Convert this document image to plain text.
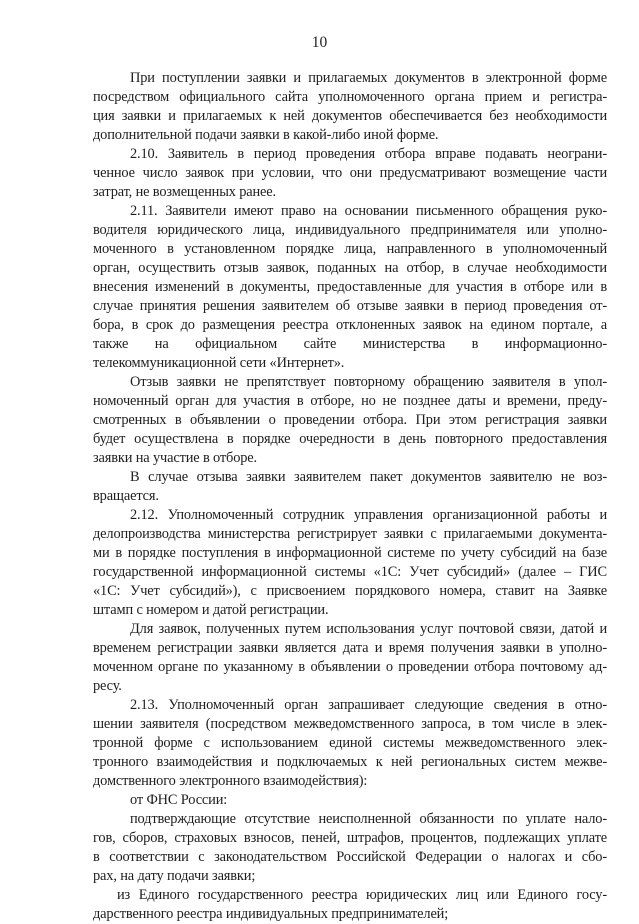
10
При поступлении заявки и прилагаемых документов в электронной форме
посредством официального сайта уполномоченного органа прием и регистра-
ция заявки и прилагаемых к ней документов обеспечивается без необходимости
дополнительной подачи заявки в какой-либо иной форме.
2.10. Заявитель в период проведения отбора вправе подавать неограни-
ченное число заявок при условии, что они предусматривают возмещение части
затрат, не возмещенных ранее.
2.11. Заявители имеют право на основании письменного обращения руко-
водителя юридического лица, индивидуального предпринимателя или уполно-
моченного в установленном порядке лица, направленного в уполномоченный
орган, осуществить отзыв заявок, поданных на отбор, в случае необходимости
внесения изменений в документы, предоставленные для участия в отборе или в
случае принятия решения заявителем об отзыве заявки в период проведения от-
бора, в срок до размещения реестра отклоненных заявок на едином портале, а
также на официальном сайте министерства в информационно-
телекоммуникационной сети «Интернет».
Отзыв заявки не препятствует повторному обращению заявителя в упол-
номоченный орган для участия в отборе, но не позднее даты и времени, преду-
смотренных в объявлении о проведении отбора. При этом регистрация заявки
будет осуществлена в порядке очередности в день повторного предоставления
заявки на участие в отборе.
В случае отзыва заявки заявителем пакет документов заявителю не воз-
вращается.
2.12. Уполномоченный сотрудник управления организационной работы и
делопроизводства министерства регистрирует заявки с прилагаемыми документа-
ми в порядке поступления в информационной системе по учету субсидий на базе
государственной информационной системы «1С: Учет субсидий» (далее – ГИС
«1С: Учет субсидий»), с присвоением порядкового номера, ставит на Заявке
штамп с номером и датой регистрации.
Для заявок, полученных путем использования услуг почтовой связи, датой и
временем регистрации заявки является дата и время получения заявки в уполно-
моченном органе по указанному в объявлении о проведении отбора почтовому ад-
ресу.
2.13. Уполномоченный орган запрашивает следующие сведения в отно-
шении заявителя (посредством межведомственного запроса, в том числе в элек-
тронной форме с использованием единой системы межведомственного элек-
тронного взаимодействия и подключаемых к ней региональных систем межве-
домственного электронного взаимодействия):
от ФНС России:
подтверждающие отсутствие неисполненной обязанности по уплате нало-
гов, сборов, страховых взносов, пеней, штрафов, процентов, подлежащих уплате
в соответствии с законодательством Российской Федерации о налогах и сбо-
рах, на дату подачи заявки;
из Единого государственного реестра юридических лиц или Единого госу-
дарственного реестра индивидуальных предпринимателей;
